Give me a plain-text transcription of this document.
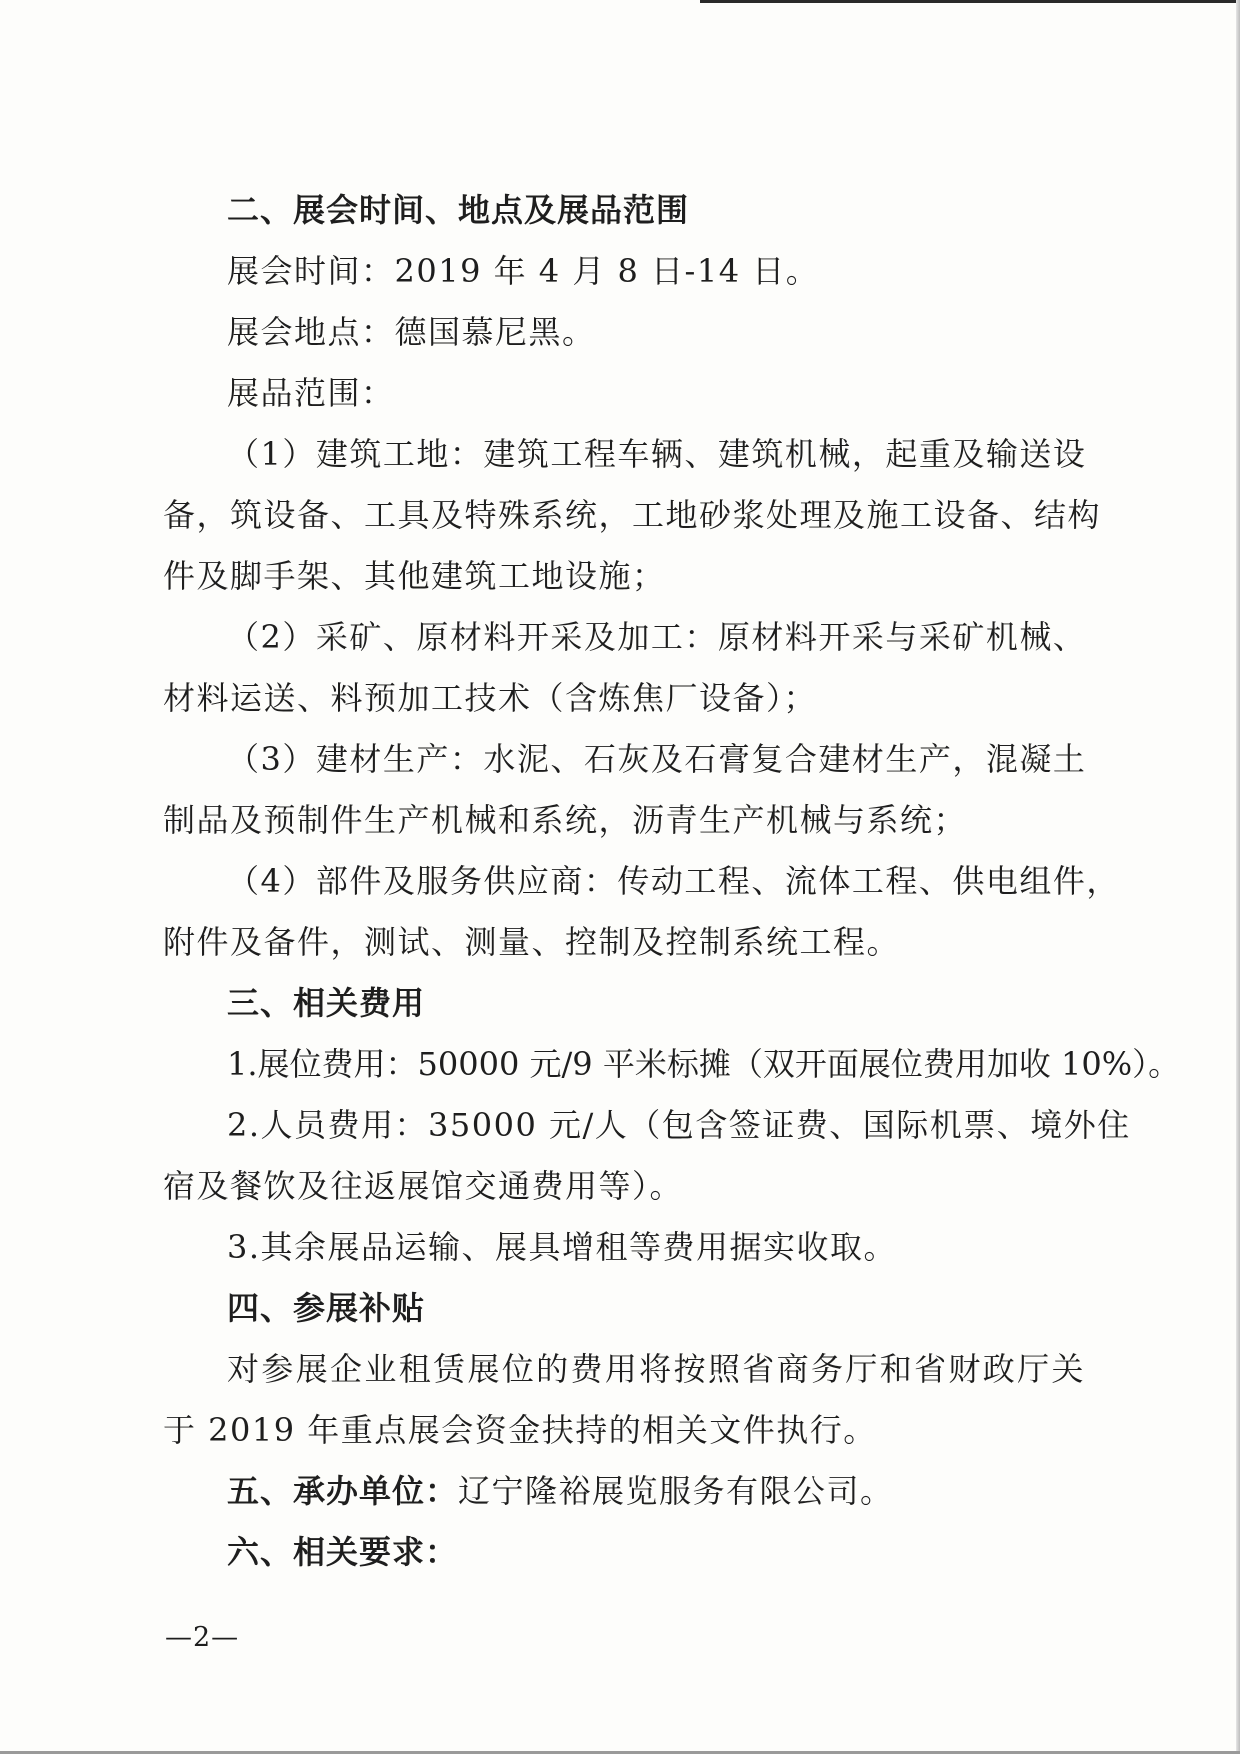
二、展会时间、地点及展品范围
展会时间：2019 年 4 月 8 日-14 日。
展会地点：德国慕尼黑。
展品范围：
（1）建筑工地：建筑工程车辆、建筑机械，起重及输送设
备，筑设备、工具及特殊系统，工地砂浆处理及施工设备、结构
件及脚手架、其他建筑工地设施；
（2）采矿、原材料开采及加工：原材料开采与采矿机械、
材料运送、料预加工技术（含炼焦厂设备）；
（3）建材生产：水泥、石灰及石膏复合建材生产，混凝土
制品及预制件生产机械和系统，沥青生产机械与系统；
（4）部件及服务供应商：传动工程、流体工程、供电组件，
附件及备件，测试、测量、控制及控制系统工程。
三、相关费用
1.展位费用：50000 元/9 平米标摊（双开面展位费用加收 10%）。
2.人员费用：35000 元/人（包含签证费、国际机票、境外住
宿及餐饮及往返展馆交通费用等）。
3.其余展品运输、展具增租等费用据实收取。
四、参展补贴
对参展企业租赁展位的费用将按照省商务厅和省财政厅关
于 2019 年重点展会资金扶持的相关文件执行。
五、承办单位：辽宁隆裕展览服务有限公司。
六、相关要求：
—2—
